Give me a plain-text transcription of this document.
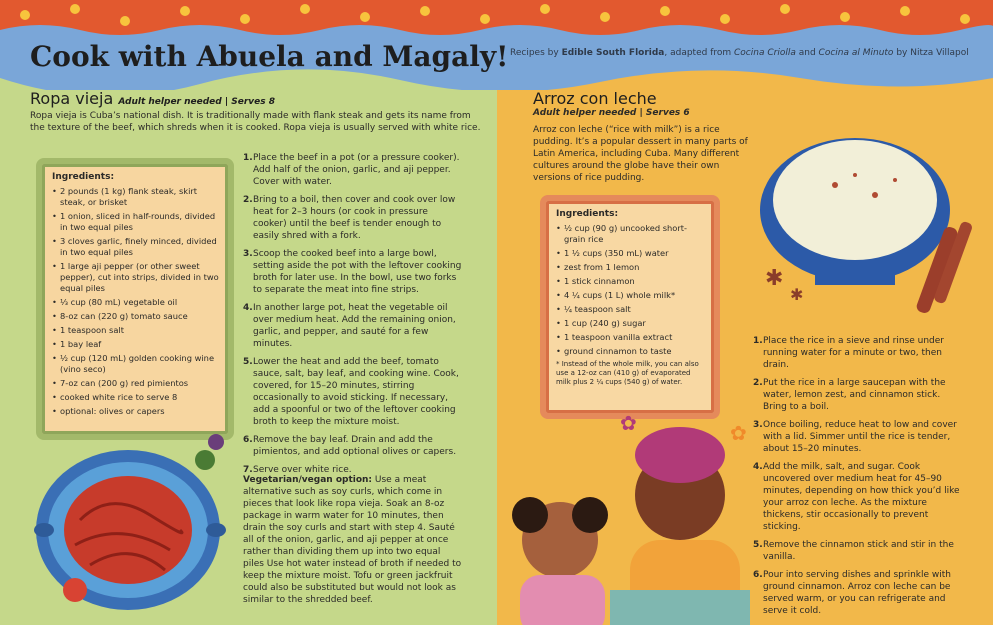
Cook with Abuela and Magaly! Recipes by Edible South Florida, adapted from Cocina Criolla and Cocina al Minuto by Nitza Villapol
Ropa vieja Adult helper needed | Serves 8
Ropa vieja is Cuba’s national dish. It is traditionally made with flank steak and gets its name from the texture of the beef, which shreds when it is cooked. Ropa vieja is usually served with white rice.
Ingredients:
• 2 pounds (1 kg) flank steak, skirt steak, or brisket
• 1 onion, sliced in half-rounds, divided in two equal piles
• 3 cloves garlic, finely minced, divided in two equal piles
• 1 large aji pepper (or other sweet pepper), cut into strips, divided in two equal piles
• ⅓ cup (80 mL) vegetable oil
• 8-oz can (220 g) tomato sauce
• 1 teaspoon salt
• 1 bay leaf
• ½ cup (120 mL) golden cooking wine (vino seco)
• 7-oz can (200 g) red pimientos
• cooked white rice to serve 8
• optional: olives or capers
1. Place the beef in a pot (or a pressure cooker). Add half of the onion, garlic, and aji pepper. Cover with water.
2. Bring to a boil, then cover and cook over low heat for 2–3 hours (or cook in pressure cooker) until the beef is tender enough to easily shred with a fork.
3. Scoop the cooked beef into a large bowl, setting aside the pot with the leftover cooking broth for later use. In the bowl, use two forks to separate the meat into fine strips.
4. In another large pot, heat the vegetable oil over medium heat. Add the remaining onion, garlic, and pepper, and sauté for a few minutes.
5. Lower the heat and add the beef, tomato sauce, salt, bay leaf, and cooking wine. Cook, covered, for 15–20 minutes, stirring occasionally to avoid sticking. If necessary, add a spoonful or two of the leftover cooking broth to keep the mixture moist.
6. Remove the bay leaf. Drain and add the pimientos, and add optional olives or capers.
7. Serve over white rice.
Vegetarian/vegan option: Use a meat alternative such as soy curls, which come in pieces that look like ropa vieja. Soak an 8-oz package in warm water for 10 minutes, then drain the soy curls and start with step 4. Sauté all of the onion, garlic, and aji pepper at once rather than dividing them up into two equal piles Use hot water instead of broth if needed to keep the mixture moist. Tofu or green jackfruit could also be substituted but would not look as similar to the shredded beef.
Arroz con leche
Adult helper needed | Serves 6
Arroz con leche (“rice with milk”) is a rice pudding. It’s a popular dessert in many parts of Latin America, including Cuba. Many different cultures around the globe have their own versions of rice pudding.
Ingredients:
• ½ cup (90 g) uncooked short-grain rice
• 1 ½ cups (350 mL) water
• zest from 1 lemon
• 1 stick cinnamon
• 4 ¼ cups (1 L) whole milk*
• ¼ teaspoon salt
• 1 cup (240 g) sugar
• 1 teaspoon vanilla extract
• ground cinnamon to taste
* Instead of the whole milk, you can also use a 12-oz can (410 g) of evaporated milk plus 2 ¼ cups (540 g) of water.
1. Place the rice in a sieve and rinse under running water for a minute or two, then drain.
2. Put the rice in a large saucepan with the water, lemon zest, and cinnamon stick. Bring to a boil.
3. Once boiling, reduce heat to low and cover with a lid. Simmer until the rice is tender, about 15–20 minutes.
4. Add the milk, salt, and sugar. Cook uncovered over medium heat for 45–90 minutes, depending on how thick you’d like your arroz con leche. As the mixture thickens, stir occasionally to prevent sticking.
5. Remove the cinnamon stick and stir in the vanilla.
6. Pour into serving dishes and sprinkle with ground cinnamon. Arroz con leche can be served warm, or you can refrigerate and serve it cold.
✱
✱
✿	✿
